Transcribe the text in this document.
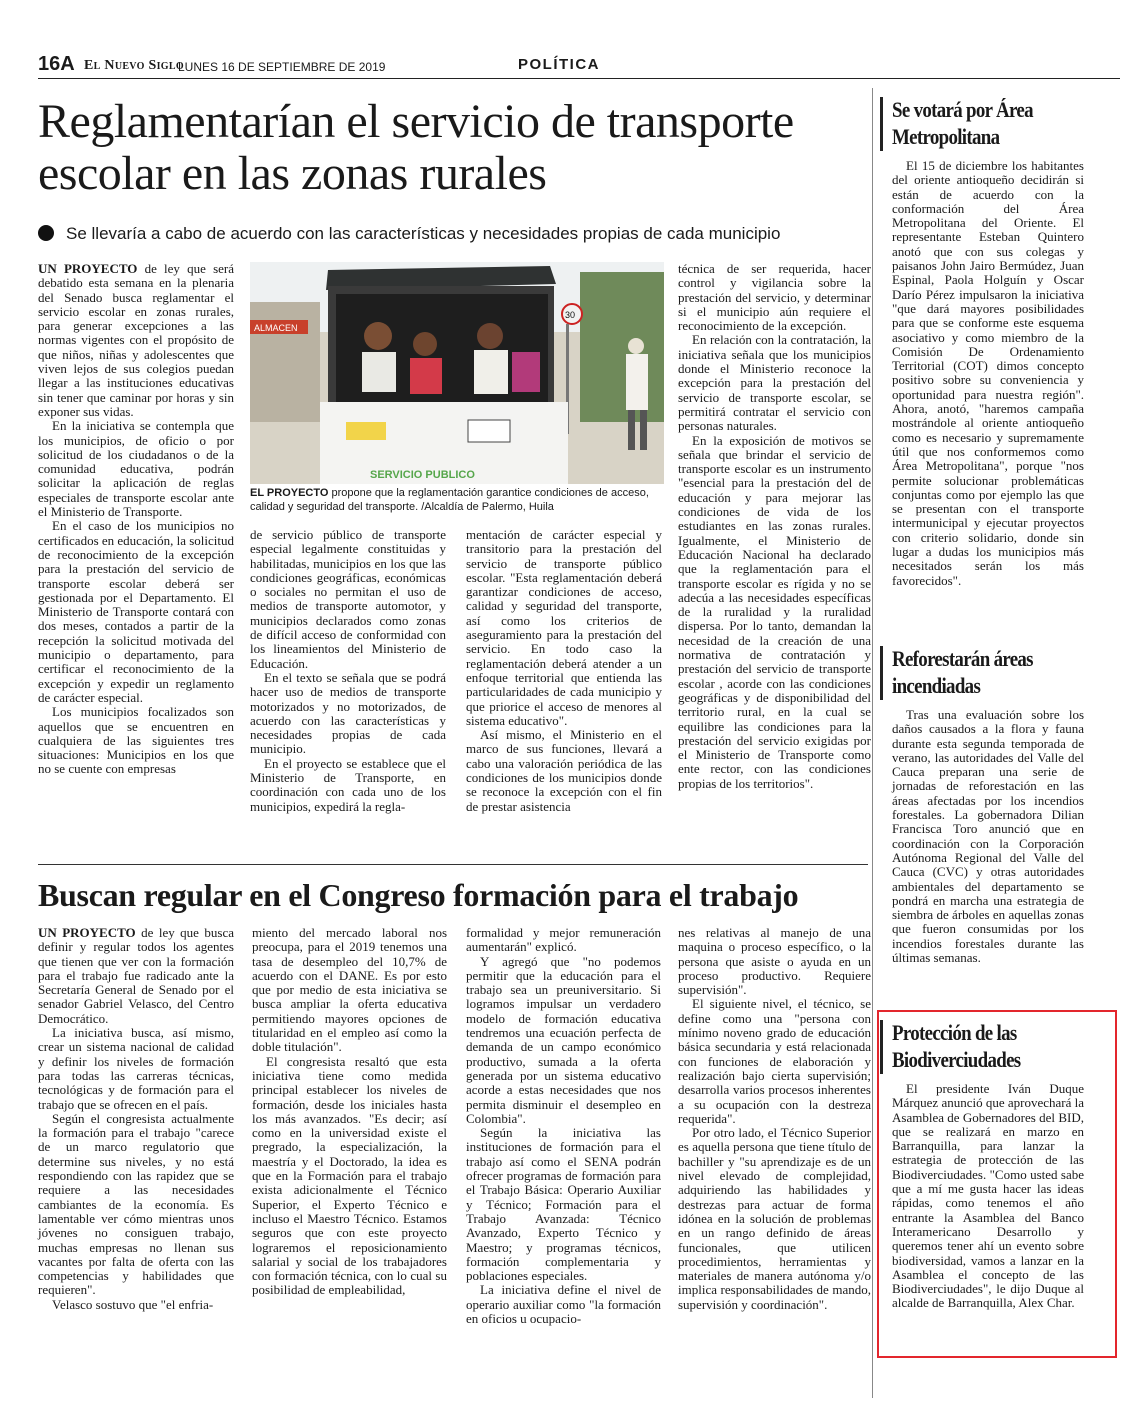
16A El Nuevo Siglo
LUNES 16 DE SEPTIEMBRE DE 2019	POLÍTICA
Reglamentarían el servicio de transporte escolar en las zonas rurales
Se llevaría a cabo de acuerdo con las características y necesidades propias de cada municipio

UN PROYECTO de ley que será debatido esta semana en la plenaria del Senado busca reglamentar el servicio escolar en zonas rurales, para generar excepciones a las normas vigentes con el propósito de que niños, niñas y adolescentes que viven lejos de sus colegios puedan llegar a las instituciones educativas sin tener que caminar por horas y sin exponer sus vidas.

En la iniciativa se contempla que los municipios, de oficio o por solicitud de los ciudadanos o de la comunidad educativa, podrán solicitar la aplicación de reglas especiales de transporte escolar ante el Ministerio de Transporte.

En el caso de los municipios no certificados en educación, la solicitud de reconocimiento de la excepción para la prestación del servicio de transporte escolar deberá ser gestionada por el Departamento. El Ministerio de Transporte contará con dos meses, contados a partir de la recepción la solicitud motivada del municipio o departamento, para certificar el reconocimiento de la excepción y expedir un reglamento de carácter especial.

Los municipios focalizados son aquellos que se encuentren en cualquiera de las siguientes tres situaciones: Municipios en los que no se cuente con empresas

ALMACEN
30
SERVICIO PUBLICO
EL PROYECTO propone que la reglamentación garantice condiciones de acceso, calidad y seguridad del transporte. /Alcaldía de Palermo, Huila

de servicio público de transporte especial legalmente constituidas y habilitadas, municipios en los que las condiciones geográficas, económicas o sociales no permitan el uso de medios de transporte automotor, y municipios declarados como zonas de difícil acceso de conformidad con los lineamientos del Ministerio de Educación.

En el texto se señala que se podrá hacer uso de medios de transporte motorizados y no motorizados, de acuerdo con las características y necesidades propias de cada municipio.

En el proyecto se establece que el Ministerio de Transporte, en coordinación con cada uno de los municipios, expedirá la regla-

mentación de carácter especial y transitorio para la prestación del servicio de transporte público escolar. "Esta reglamentación deberá garantizar condiciones de acceso, calidad y seguridad del transporte, así como los criterios de aseguramiento para la prestación del servicio. En todo caso la reglamentación deberá atender a un enfoque territorial que entienda las particularidades de cada municipio y que priorice el acceso de menores al sistema educativo".

Así mismo, el Ministerio en el marco de sus funciones, llevará a cabo una valoración periódica de las condiciones de los municipios donde se reconoce la excepción con el fin de prestar asistencia

técnica de ser requerida, hacer control y vigilancia sobre la prestación del servicio, y determinar si el municipio aún requiere el reconocimiento de la excepción.

En relación con la contratación, la iniciativa señala que los municipios donde el Ministerio reconoce la excepción para la prestación del servicio de transporte escolar, se permitirá contratar el servicio con personas naturales.

En la exposición de motivos se señala que brindar el servicio de transporte escolar es un instrumento "esencial para la prestación del de educación y para mejorar las condiciones de vida de los estudiantes en las zonas rurales. Igualmente, el Ministerio de Educación Nacional ha declarado que la reglamentación para el transporte escolar es rígida y no se adecúa a las necesidades específicas de la ruralidad y la ruralidad dispersa. Por lo tanto, demandan la necesidad de la creación de una normativa de contratación y prestación del servicio de transporte escolar , acorde con las condiciones geográficas y de disponibilidad del territorio rural, en la cual se equilibre las condiciones para la prestación del servicio exigidas por el Ministerio de Transporte como ente rector, con las condiciones propias de los territorios".

Buscan regular en el Congreso formación para el trabajo

UN PROYECTO de ley que busca definir y regular todos los agentes que tienen que ver con la formación para el trabajo fue radicado ante la Secretaría General de Senado por el senador Gabriel Velasco, del Centro Democrático.

La iniciativa busca, así mismo, crear un sistema nacional de calidad y definir los niveles de formación para todas las carreras técnicas, tecnológicas y de formación para el trabajo que se ofrecen en el país.

Según el congresista actualmente la formación para el trabajo "carece de un marco regulatorio que determine sus niveles, y no está respondiendo con las rapidez que se requiere a las necesidades cambiantes de la economía. Es lamentable ver cómo mientras unos jóvenes no consiguen trabajo, muchas empresas no llenan sus vacantes por falta de oferta con las competencias y habilidades que requieren".

Velasco sostuvo que "el enfria-

miento del mercado laboral nos preocupa, para el 2019 tenemos una tasa de desempleo del 10,7% de acuerdo con el DANE. Es por esto que por medio de esta iniciativa se busca ampliar la oferta educativa permitiendo mayores opciones de titularidad en el empleo así como la doble titulación".

El congresista resaltó que esta iniciativa tiene como medida principal establecer los niveles de formación, desde los iniciales hasta los más avanzados. "Es decir; así como en la universidad existe el pregrado, la especialización, la maestría y el Doctorado, la idea es que en la Formación para el trabajo exista adicionalmente el Técnico Superior, el Experto Técnico e incluso el Maestro Técnico. Estamos seguros que con este proyecto lograremos el reposicionamiento salarial y social de los trabajadores con formación técnica, con lo cual su posibilidad de empleabilidad,

formalidad y mejor remuneración aumentarán" explicó.

Y agregó que "no podemos permitir que la educación para el trabajo sea un preuniversitario. Si logramos impulsar un verdadero modelo de formación educativa tendremos una ecuación perfecta de demanda de un campo económico productivo, sumada a la oferta generada por un sistema educativo acorde a estas necesidades que nos permita disminuir el desempleo en Colombia".

Según la iniciativa las instituciones de formación para el trabajo así como el SENA podrán ofrecer programas de formación para el Trabajo Básica: Operario Auxiliar y Técnico; Formación para el Trabajo Avanzada: Técnico Avanzado, Experto Técnico y Maestro; y programas técnicos, formación complementaria y poblaciones especiales.

La iniciativa define el nivel de operario auxiliar como "la formación en oficios u ocupacio-

nes relativas al manejo de una maquina o proceso específico, o la persona que asiste o ayuda en un proceso productivo. Requiere supervisión".

El siguiente nivel, el técnico, se define como una "persona con mínimo noveno grado de educación básica secundaria y está relacionada con funciones de elaboración y realización bajo cierta supervisión; desarrolla varios procesos inherentes a su ocupación con la destreza requerida".

Por otro lado, el Técnico Superior es aquella persona que tiene título de bachiller y "su aprendizaje es de un nivel elevado de complejidad, adquiriendo las habilidades y destrezas para actuar de forma idónea en la solución de problemas en un rango definido de áreas funcionales, que utilicen procedimientos, herramientas y materiales de manera autónoma y/o implica responsabilidades de mando, supervisión y coordinación".

Se votará por Área Metropolitana

El 15 de diciembre los habitantes del oriente antioqueño decidirán si están de acuerdo con la conformación del Área Metropolitana del Oriente. El representante Esteban Quintero anotó que con sus colegas y paisanos John Jairo Bermúdez, Juan Espinal, Paola Holguín y Oscar Darío Pérez impulsaron la iniciativa "que dará mayores posibilidades para que se conforme este esquema asociativo y como miembro de la Comisión De Ordenamiento Territorial (COT) dimos concepto positivo sobre su conveniencia y oportunidad para nuestra región". Ahora, anotó, "haremos campaña mostrándole al oriente antioqueño como es necesario y supremamente útil que nos conformemos como Área Metropolitana", porque "nos permite solucionar problemáticas conjuntas como por ejemplo las que se presentan con el transporte intermunicipal y ejecutar proyectos con criterio solidario, donde sin lugar a dudas los municipios más necesitados serán los más favorecidos".

Reforestarán áreas incendiadas

Tras una evaluación sobre los daños causados a la flora y fauna durante esta segunda temporada de verano, las autoridades del Valle del Cauca preparan una serie de jornadas de reforestación en las áreas afectadas por los incendios forestales. La gobernadora Dilian Francisca Toro anunció que en coordinación con la Corporación Autónoma Regional del Valle del Cauca (CVC) y otras autoridades ambientales del departamento se pondrá en marcha una estrategia de siembra de árboles en aquellas zonas que fueron consumidas por los incendios forestales durante las últimas semanas.

Protección de las Biodiverciudades

El presidente Iván Duque Márquez anunció que aprovechará la Asamblea de Gobernadores del BID, que se realizará en marzo en Barranquilla, para lanzar la estrategia de protección de las Biodiverciudades. "Como usted sabe que a mí me gusta hacer las ideas rápidas, como tenemos el año entrante la Asamblea del Banco Interamericano Desarrollo y queremos tener ahí un evento sobre biodiversidad, vamos a lanzar en la Asamblea el concepto de las Biodiverciudades", le dijo Duque al alcalde de Barranquilla, Alex Char.
